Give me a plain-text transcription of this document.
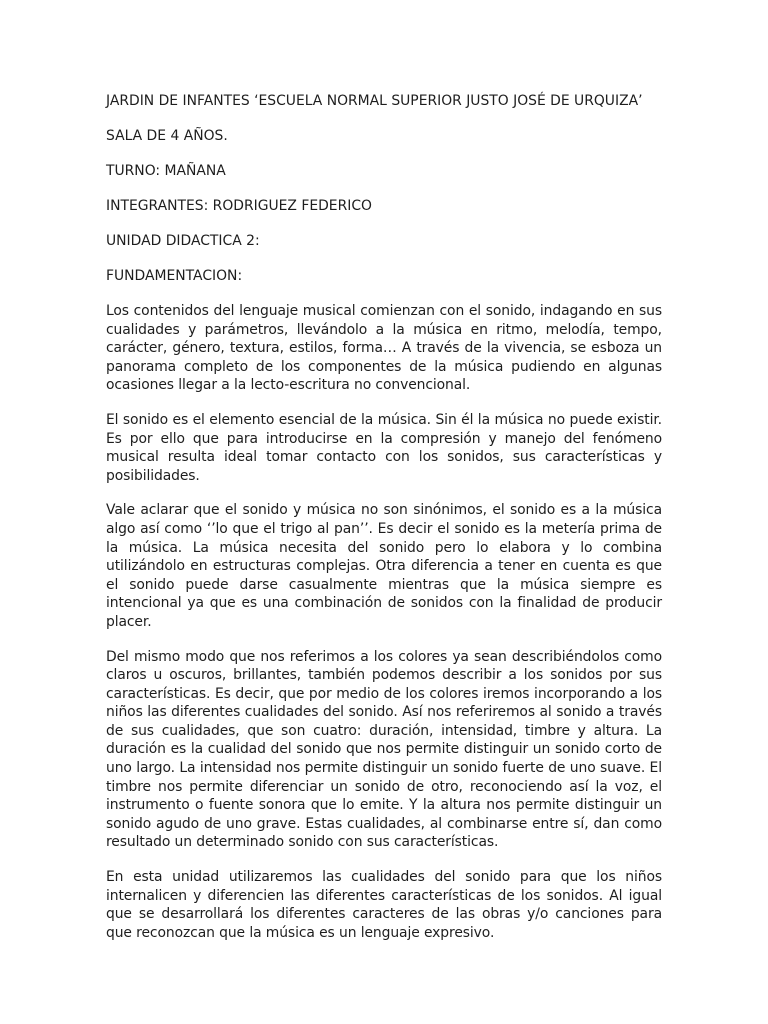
JARDIN DE INFANTES ‘ESCUELA NORMAL SUPERIOR JUSTO JOSÉ DE URQUIZA’

SALA DE 4 AÑOS.

TURNO: MAÑANA

INTEGRANTES: RODRIGUEZ FEDERICO

UNIDAD DIDACTICA 2:

FUNDAMENTACION:

Los contenidos del lenguaje musical comienzan con el sonido, indagando en sus cualidades y parámetros, llevándolo a la música en ritmo, melodía, tempo, carácter, género, textura, estilos, forma… A través de la vivencia, se esboza un panorama completo de los componentes de la música pudiendo en algunas ocasiones llegar a la lecto-escritura no convencional.

El sonido es el elemento esencial de la música. Sin él la música no puede existir. Es por ello que para introducirse en la compresión y manejo del fenómeno musical resulta ideal tomar contacto con los sonidos, sus características y posibilidades.

Vale aclarar que el sonido y música no son sinónimos, el sonido es a la música algo así como ‘’lo que el trigo al pan’’. Es decir el sonido es la metería prima de la música. La música necesita del sonido pero lo elabora y lo combina utilizándolo en estructuras complejas. Otra diferencia a tener en cuenta es que el sonido puede darse casualmente mientras que la música siempre es intencional ya que es una combinación de sonidos con la finalidad de producir placer.

Del mismo modo que nos referimos a los colores ya sean describiéndolos como claros u oscuros, brillantes, también podemos describir a los sonidos por sus características. Es decir, que por medio de los colores iremos incorporando a los niños las diferentes cualidades del sonido. Así nos referiremos al sonido a través de sus cualidades, que son cuatro: duración, intensidad, timbre y altura. La duración es la cualidad del sonido que nos permite distinguir un sonido corto de uno largo. La intensidad nos permite distinguir un sonido fuerte de uno suave. El timbre nos permite diferenciar un sonido de otro, reconociendo así la voz, el instrumento o fuente sonora que lo emite. Y la altura nos permite distinguir un sonido agudo de uno grave. Estas cualidades, al combinarse entre sí, dan como resultado un determinado sonido con sus características.

En esta unidad utilizaremos las cualidades del sonido para que los niños internalicen y diferencien las diferentes características de los sonidos. Al igual que se desarrollará los diferentes caracteres de las obras y/o canciones para que reconozcan que la música es un lenguaje expresivo.
